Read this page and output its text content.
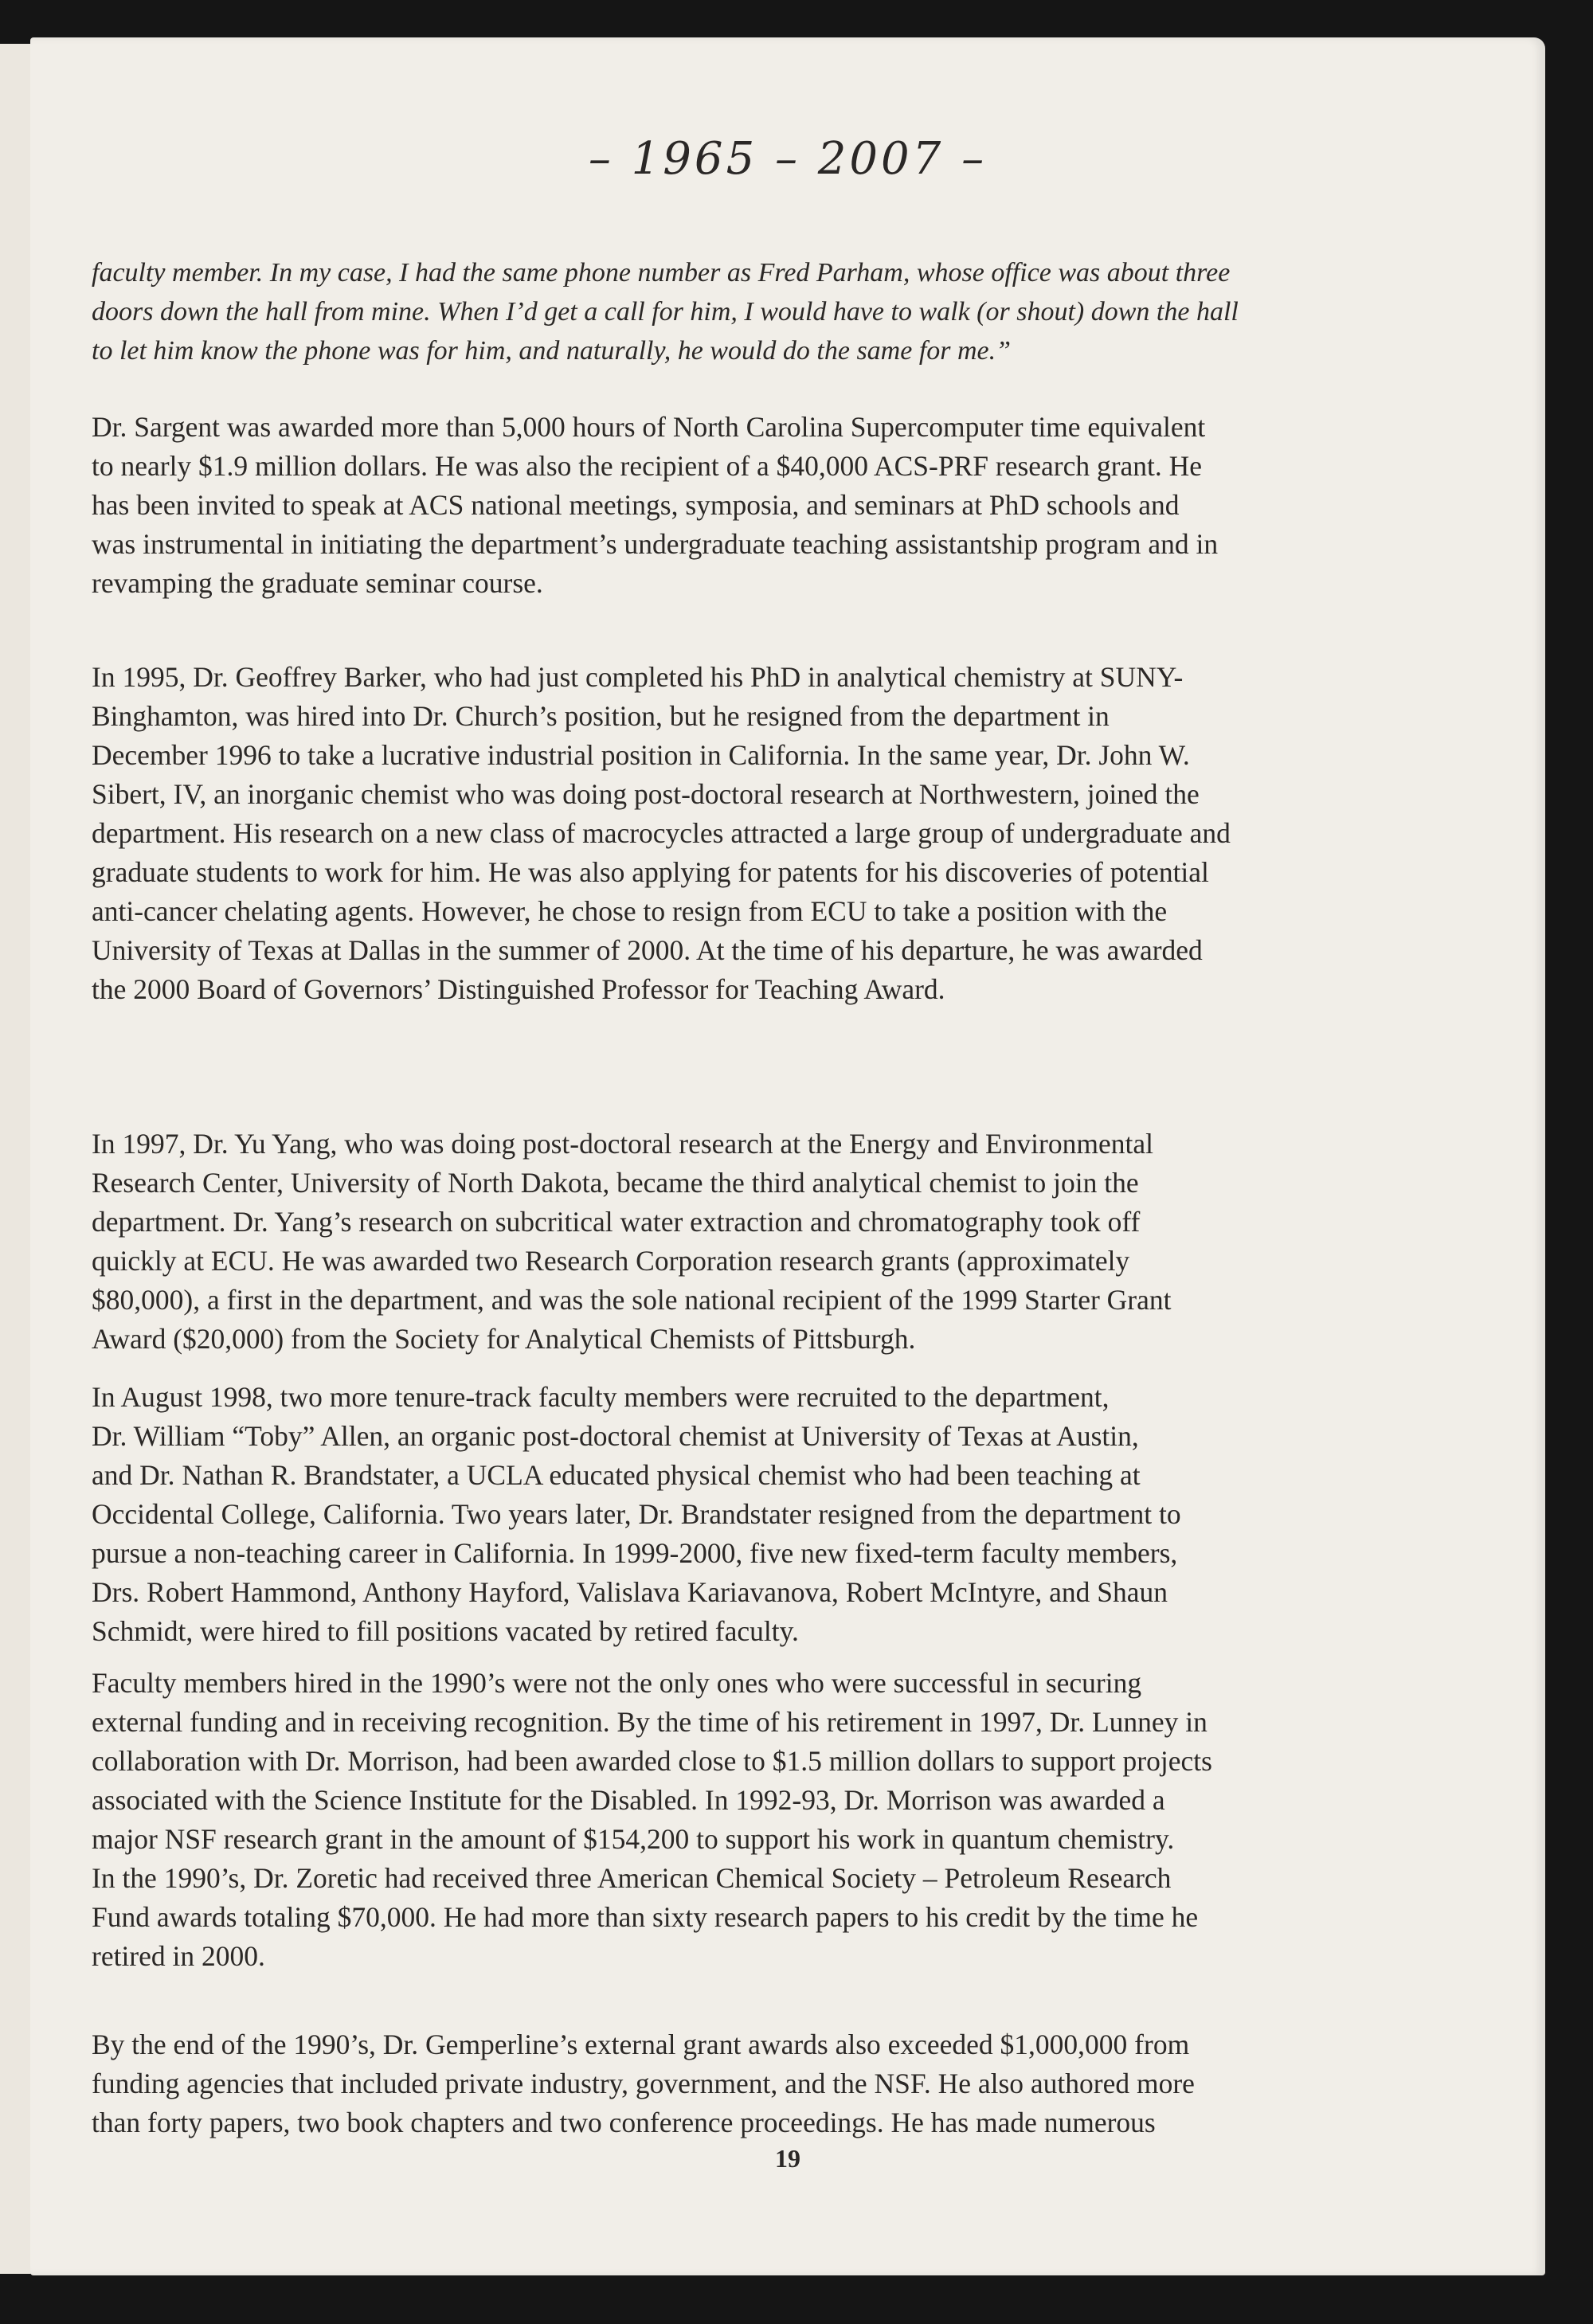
– 1965 – 2007 –
faculty member. In my case, I had the same phone number as Fred Parham, whose office was about three
doors down the hall from mine. When I’d get a call for him, I would have to walk (or shout) down the hall
to let him know the phone was for him, and naturally, he would do the same for me.”
Dr. Sargent was awarded more than 5,000 hours of North Carolina Supercomputer time equivalent
to nearly $1.9 million dollars. He was also the recipient of a $40,000 ACS-PRF research grant. He
has been invited to speak at ACS national meetings, symposia, and seminars at PhD schools and
was instrumental in initiating the department’s undergraduate teaching assistantship program and in
revamping the graduate seminar course.
In 1995, Dr. Geoffrey Barker, who had just completed his PhD in analytical chemistry at SUNY-
Binghamton, was hired into Dr. Church’s position, but he resigned from the department in
December 1996 to take a lucrative industrial position in California. In the same year, Dr. John W.
Sibert, IV, an inorganic chemist who was doing post-doctoral research at Northwestern, joined the
department. His research on a new class of macrocycles attracted a large group of undergraduate and
graduate students to work for him. He was also applying for patents for his discoveries of potential
anti-cancer chelating agents. However, he chose to resign from ECU to take a position with the
University of Texas at Dallas in the summer of 2000. At the time of his departure, he was awarded
the 2000 Board of Governors’ Distinguished Professor for Teaching Award.
In 1997, Dr. Yu Yang, who was doing post-doctoral research at the Energy and Environmental
Research Center, University of North Dakota, became the third analytical chemist to join the
department. Dr. Yang’s research on subcritical water extraction and chromatography took off
quickly at ECU. He was awarded two Research Corporation research grants (approximately
$80,000), a first in the department, and was the sole national recipient of the 1999 Starter Grant
Award ($20,000) from the Society for Analytical Chemists of Pittsburgh.
In August 1998, two more tenure-track faculty members were recruited to the department,
Dr. William “Toby” Allen, an organic post-doctoral chemist at University of Texas at Austin,
and Dr. Nathan R. Brandstater, a UCLA educated physical chemist who had been teaching at
Occidental College, California. Two years later, Dr. Brandstater resigned from the department to
pursue a non-teaching career in California. In 1999-2000, five new fixed-term faculty members,
Drs. Robert Hammond, Anthony Hayford, Valislava Kariavanova, Robert McIntyre, and Shaun
Schmidt, were hired to fill positions vacated by retired faculty.
Faculty members hired in the 1990’s were not the only ones who were successful in securing
external funding and in receiving recognition. By the time of his retirement in 1997, Dr. Lunney in
collaboration with Dr. Morrison, had been awarded close to $1.5 million dollars to support projects
associated with the Science Institute for the Disabled. In 1992-93, Dr. Morrison was awarded a
major NSF research grant in the amount of $154,200 to support his work in quantum chemistry.
In the 1990’s, Dr. Zoretic had received three American Chemical Society – Petroleum Research
Fund awards totaling $70,000. He had more than sixty research papers to his credit by the time he
retired in 2000.
By the end of the 1990’s, Dr. Gemperline’s external grant awards also exceeded $1,000,000 from
funding agencies that included private industry, government, and the NSF. He also authored more
than forty papers, two book chapters and two conference proceedings. He has made numerous
19
